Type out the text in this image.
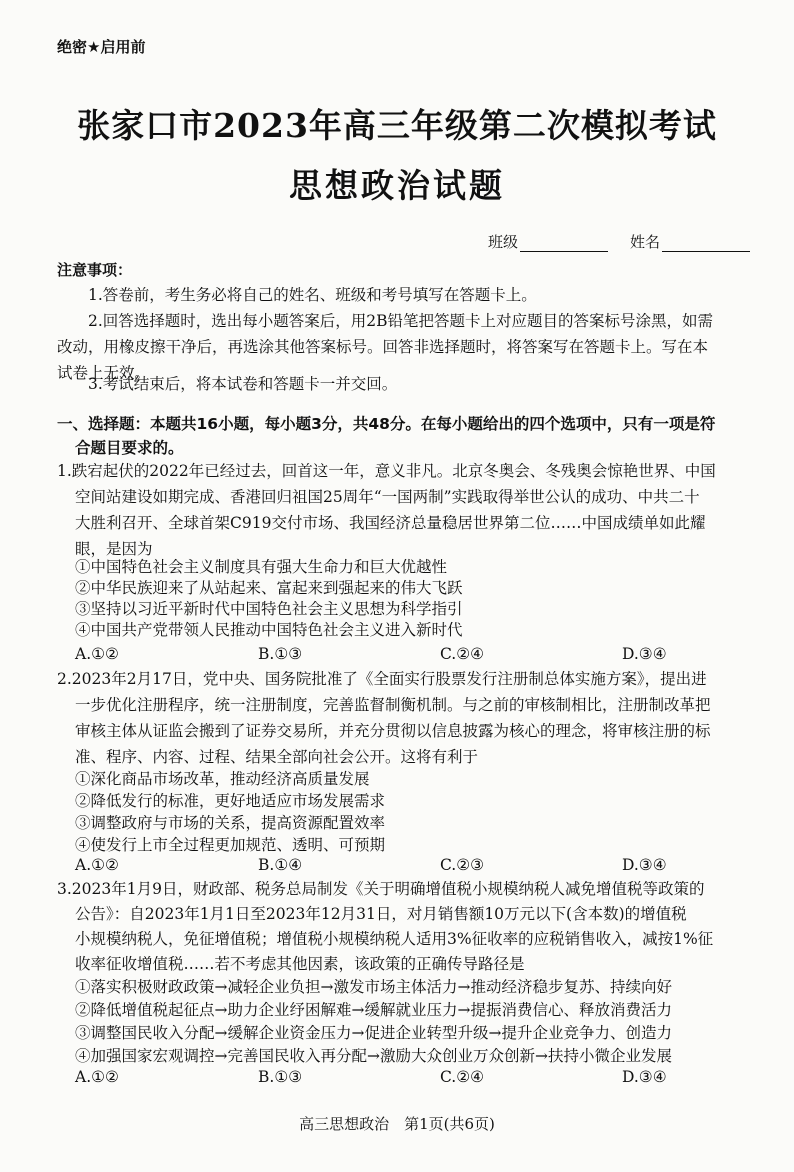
绝密★启用前
张家口市2023年高三年级第二次模拟考试
思想政治试题
班级	姓名
注意事项：
1.答卷前，考生务必将自己的姓名、班级和考号填写在答题卡上。
2.回答选择题时，选出每小题答案后，用2B铅笔把答题卡上对应题目的答案标号涂黑，如需
改动，用橡皮擦干净后，再选涂其他答案标号。回答非选择题时，将答案写在答题卡上。写在本
试卷上无效。
3.考试结束后，将本试卷和答题卡一并交回。
一、选择题：本题共16小题，每小题3分，共48分。在每小题给出的四个选项中，只有一项是符
合题目要求的。
1.跌宕起伏的2022年已经过去，回首这一年，意义非凡。北京冬奥会、冬残奥会惊艳世界、中国
空间站建设如期完成、香港回归祖国25周年“一国两制”实践取得举世公认的成功、中共二十
大胜利召开、全球首架C919交付市场、我国经济总量稳居世界第二位……中国成绩单如此耀
眼，是因为
①中国特色社会主义制度具有强大生命力和巨大优越性
②中华民族迎来了从站起来、富起来到强起来的伟大飞跃
③坚持以习近平新时代中国特色社会主义思想为科学指引
④中国共产党带领人民推动中国特色社会主义进入新时代
A.①②	B.①③	C.②④	D.③④
2.2023年2月17日，党中央、国务院批准了《全面实行股票发行注册制总体实施方案》，提出进
一步优化注册程序，统一注册制度，完善监督制衡机制。与之前的审核制相比，注册制改革把
审核主体从证监会搬到了证券交易所，并充分贯彻以信息披露为核心的理念，将审核注册的标
准、程序、内容、过程、结果全部向社会公开。这将有利于
①深化商品市场改革，推动经济高质量发展
②降低发行的标准，更好地适应市场发展需求
③调整政府与市场的关系，提高资源配置效率
④使发行上市全过程更加规范、透明、可预期
A.①②	B.①④	C.②③	D.③④
3.2023年1月9日，财政部、税务总局制发《关于明确增值税小规模纳税人减免增值税等政策的
公告》：自2023年1月1日至2023年12月31日，对月销售额10万元以下(含本数)的增值税
小规模纳税人，免征增值税；增值税小规模纳税人适用3%征收率的应税销售收入，减按1%征
收率征收增值税……若不考虑其他因素，该政策的正确传导路径是
①落实积极财政政策→减轻企业负担→激发市场主体活力→推动经济稳步复苏、持续向好
②降低增值税起征点→助力企业纾困解难→缓解就业压力→提振消费信心、释放消费活力
③调整国民收入分配→缓解企业资金压力→促进企业转型升级→提升企业竞争力、创造力
④加强国家宏观调控→完善国民收入再分配→激励大众创业万众创新→扶持小微企业发展
A.①②	B.①③	C.②④	D.③④
高三思想政治　第1页(共6页)
